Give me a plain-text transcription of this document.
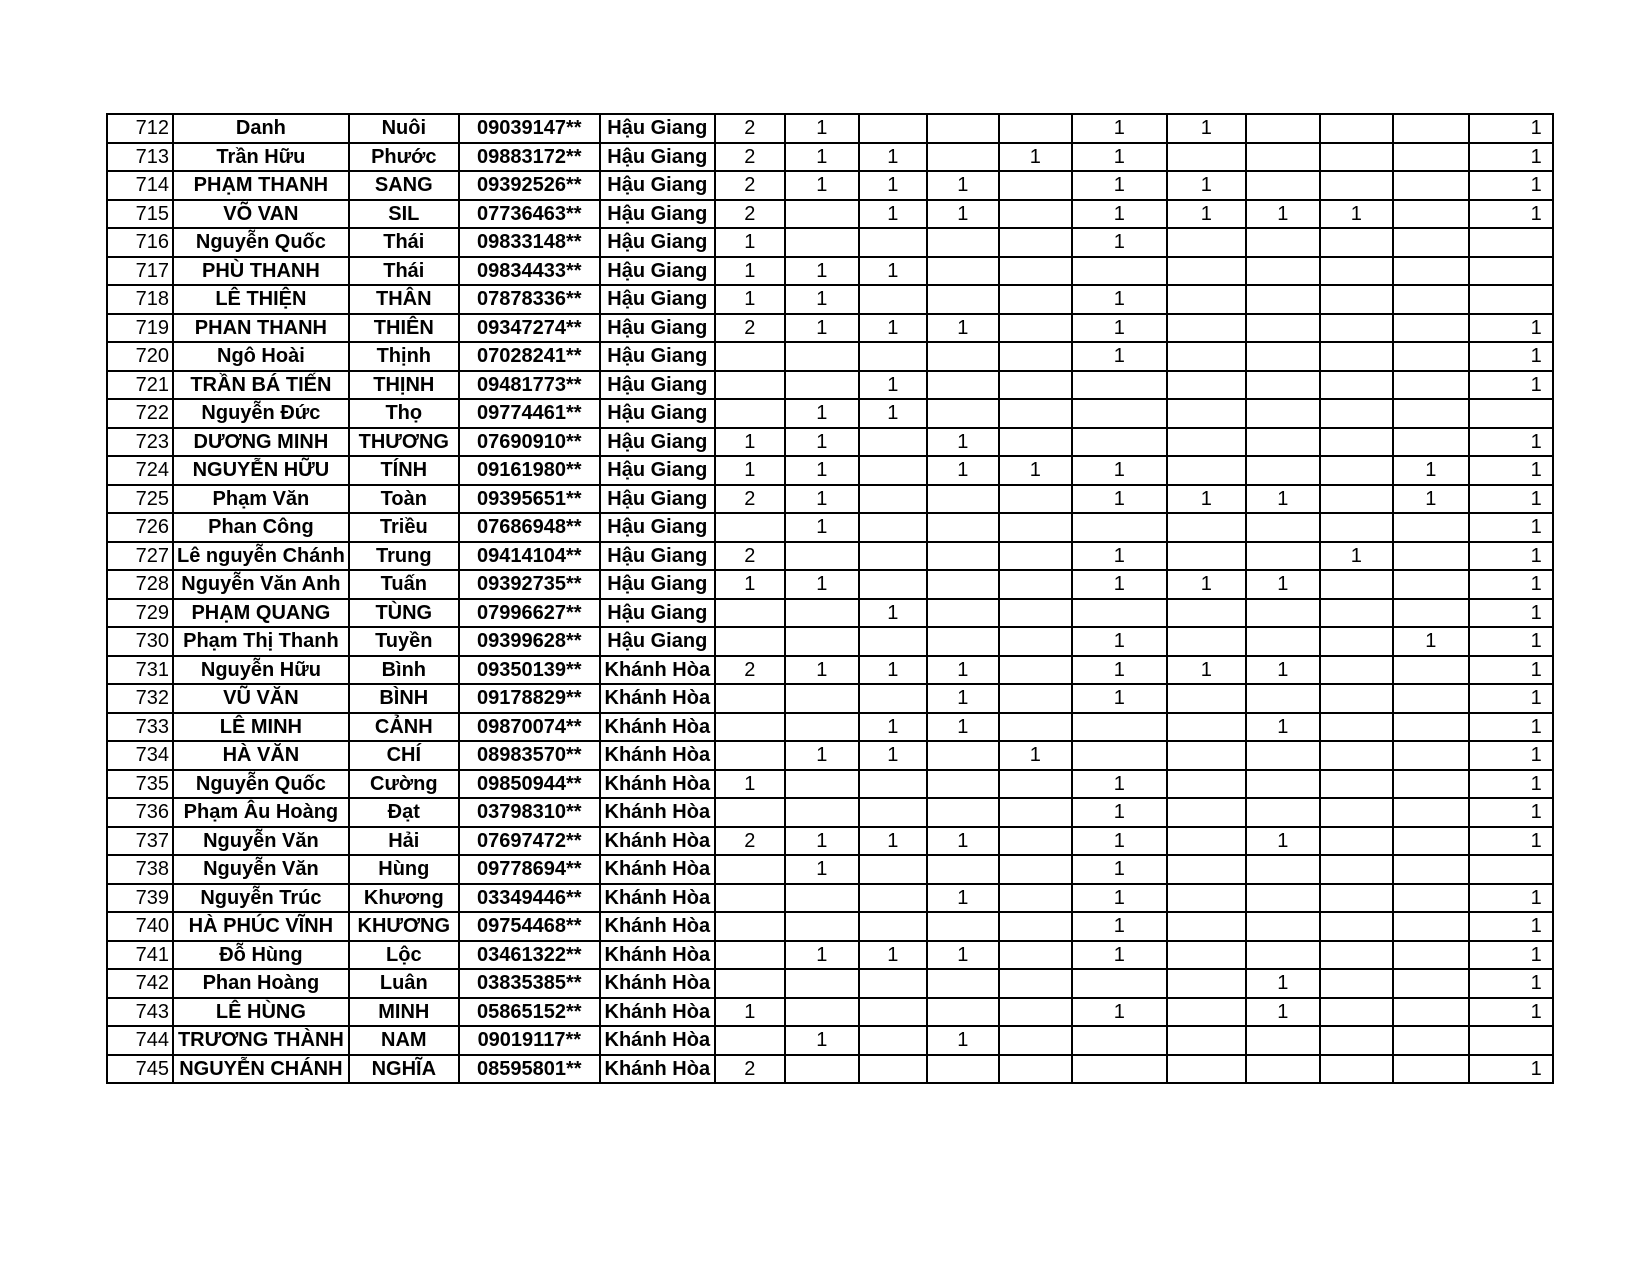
712	Danh	Nuôi	09039147**	Hậu Giang	2	1				1	1				1
713	Trần Hữu	Phước	09883172**	Hậu Giang	2	1	1		1	1					1
714	PHẠM THANH	SANG	09392526**	Hậu Giang	2	1	1	1		1	1				1
715	VÕ VAN	SIL	07736463**	Hậu Giang	2		1	1		1	1	1	1		1
716	Nguyễn Quốc	Thái	09833148**	Hậu Giang	1					1					
717	PHÙ THANH	Thái	09834433**	Hậu Giang	1	1	1								
718	LÊ THIỆN	THÂN	07878336**	Hậu Giang	1	1				1					
719	PHAN THANH	THIÊN	09347274**	Hậu Giang	2	1	1	1		1					1
720	Ngô Hoài	Thịnh	07028241**	Hậu Giang						1					1
721	TRẦN BÁ TIẾN	THỊNH	09481773**	Hậu Giang			1								1
722	Nguyễn Đức	Thọ	09774461**	Hậu Giang		1	1								
723	DƯƠNG MINH	THƯƠNG	07690910**	Hậu Giang	1	1		1							1
724	NGUYỄN HỮU	TÍNH	09161980**	Hậu Giang	1	1		1	1	1				1	1
725	Phạm Văn	Toàn	09395651**	Hậu Giang	2	1				1	1	1		1	1
726	Phan Công	Triều	07686948**	Hậu Giang		1									1
727	Lê nguyễn Chánh	Trung	09414104**	Hậu Giang	2					1			1		1
728	Nguyễn Văn Anh	Tuấn	09392735**	Hậu Giang	1	1				1	1	1			1
729	PHẠM QUANG	TÙNG	07996627**	Hậu Giang			1								1
730	Phạm Thị Thanh	Tuyền	09399628**	Hậu Giang						1				1	1
731	Nguyễn Hữu	Bình	09350139**	Khánh Hòa	2	1	1	1		1	1	1			1
732	VŨ VĂN	BÌNH	09178829**	Khánh Hòa				1		1					1
733	LÊ MINH	CẢNH	09870074**	Khánh Hòa			1	1				1			1
734	HÀ VĂN	CHÍ	08983570**	Khánh Hòa		1	1		1						1
735	Nguyễn Quốc	Cường	09850944**	Khánh Hòa	1					1					1
736	Phạm Âu Hoàng	Đạt	03798310**	Khánh Hòa						1					1
737	Nguyễn Văn	Hải	07697472**	Khánh Hòa	2	1	1	1		1		1			1
738	Nguyễn Văn	Hùng	09778694**	Khánh Hòa		1				1					
739	Nguyễn Trúc	Khương	03349446**	Khánh Hòa				1		1					1
740	HÀ PHÚC VĨNH	KHƯƠNG	09754468**	Khánh Hòa						1					1
741	Đỗ Hùng	Lộc	03461322**	Khánh Hòa		1	1	1		1					1
742	Phan Hoàng	Luân	03835385**	Khánh Hòa								1			1
743	LÊ HÙNG	MINH	05865152**	Khánh Hòa	1					1		1			1
744	TRƯƠNG THÀNH	NAM	09019117**	Khánh Hòa		1		1							
745	NGUYỄN CHÁNH	NGHĨA	08595801**	Khánh Hòa	2										1
